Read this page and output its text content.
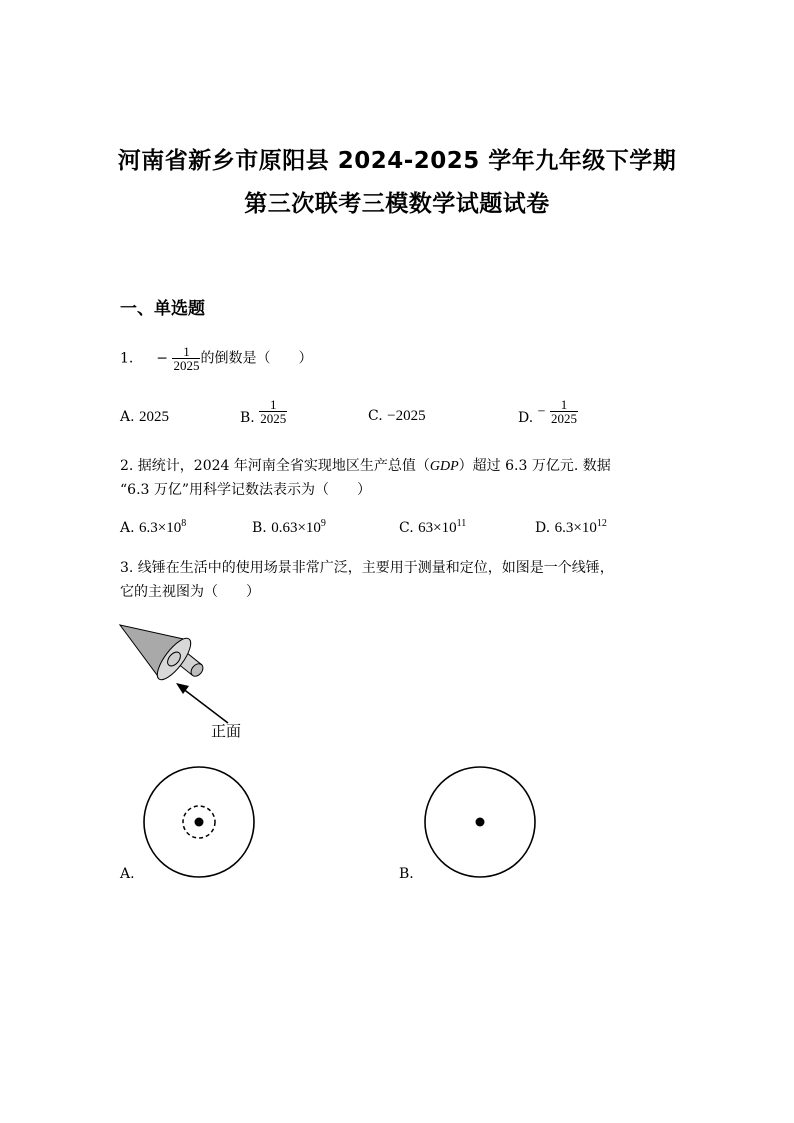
河南省新乡市原阳县 2024-2025 学年九年级下学期
第三次联考三模数学试题试卷
一、单选题
1. − $\frac{1}{2025}$ 的倒数是（　　）
A. 2025	B. $\frac{1}{2025}$	C. −2025	D. − $\frac{1}{2025}$
2. 据统计，2024 年河南全省实现地区生产总值（GDP）超过 6.3 万亿元. 数据
“6.3 万亿”用科学记数法表示为（　　）
A. $6.3\times 10^8$	B. $0.63\times 10^9$	C. $63\times 10^{11}$	D. $6.3\times 10^{12}$
3. 线锤在生活中的使用场景非常广泛，主要用于测量和定位，如图是一个线锤，
它的主视图为（　　）
正面
A.	B.
